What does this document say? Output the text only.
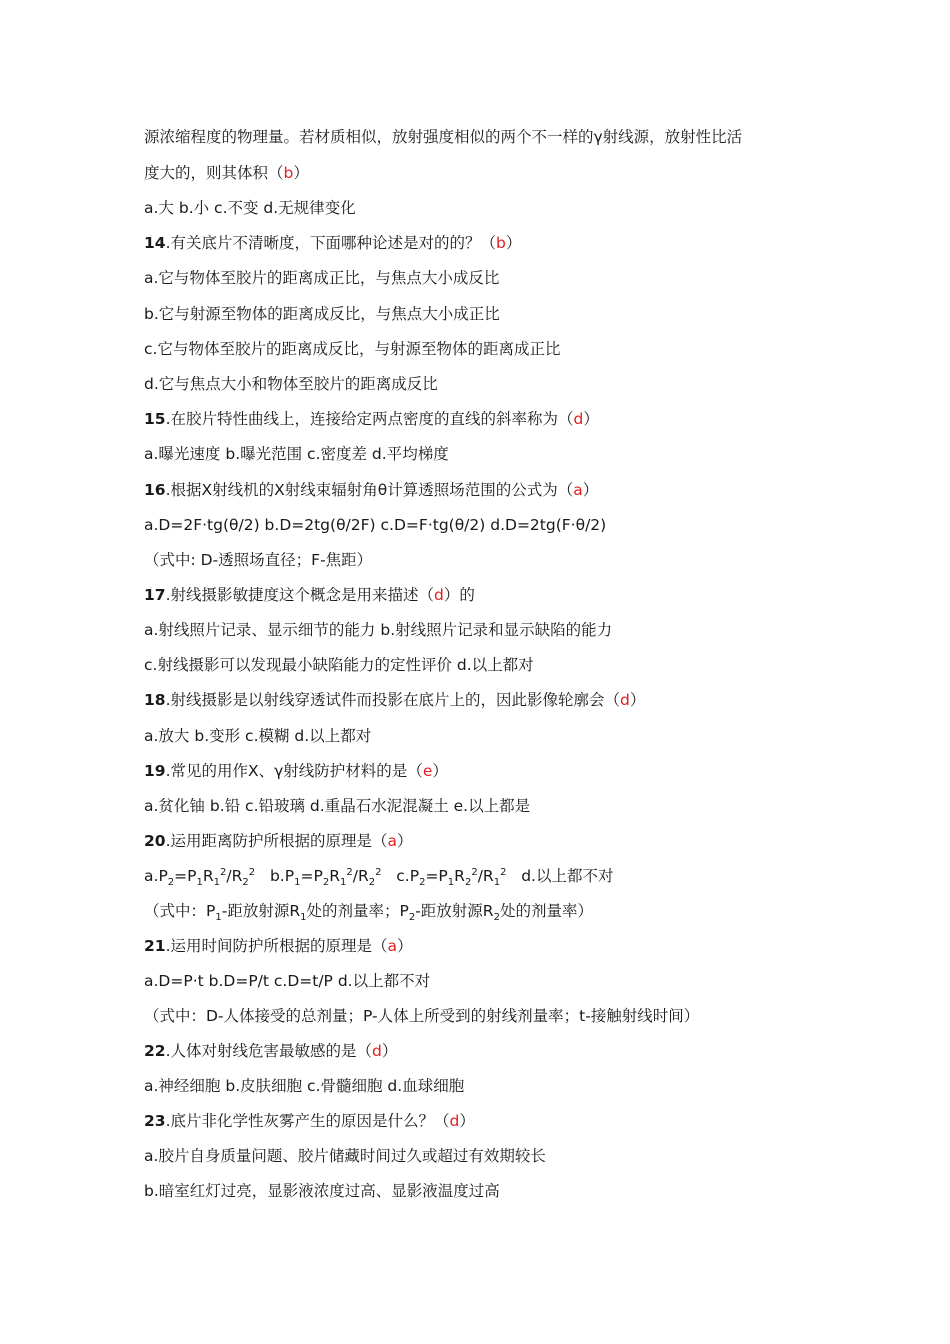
源浓缩程度的物理量。若材质相似，放射强度相似的两个不一样的γ射线源，放射性比活
度大的，则其体积（b）
a.大 b.小 c.不变 d.无规律变化
14.有关底片不清晰度，下面哪种论述是对的的？（b）
a.它与物体至胶片的距离成正比，与焦点大小成反比
b.它与射源至物体的距离成反比，与焦点大小成正比
c.它与物体至胶片的距离成反比，与射源至物体的距离成正比
d.它与焦点大小和物体至胶片的距离成反比
15.在胶片特性曲线上，连接给定两点密度的直线的斜率称为（d）
a.曝光速度 b.曝光范围 c.密度差 d.平均梯度
16.根据X射线机的X射线束辐射角θ计算透照场范围的公式为（a）
a.D=2F·tg(θ/2) b.D=2tg(θ/2F) c.D=F·tg(θ/2) d.D=2tg(F·θ/2)
（式中: D-透照场直径；F-焦距）
17.射线摄影敏捷度这个概念是用来描述（d）的
a.射线照片记录、显示细节的能力 b.射线照片记录和显示缺陷的能力
c.射线摄影可以发现最小缺陷能力的定性评价 d.以上都对
18.射线摄影是以射线穿透试件而投影在底片上的，因此影像轮廓会（d）
a.放大 b.变形 c.模糊 d.以上都对
19.常见的用作X、γ射线防护材料的是（e）
a.贫化铀 b.铅 c.铅玻璃 d.重晶石水泥混凝土 e.以上都是
20.运用距离防护所根据的原理是（a）
$a.P_2=P_1R_1^2/R_2^2$ $b.P_1=P_2R_1^2/R_2^2$ $c.P_2=P_1R_2^2/R_1^2$ d.以上都不对
（式中：$P_1-$距放射源$R_1$处的剂量率；$P_2-$距放射源$R_2$处的剂量率）
21.运用时间防护所根据的原理是（a）
a.D=P·t b.D=P/t c.D=t/P d.以上都不对
（式中：D-人体接受的总剂量；P-人体上所受到的射线剂量率；t-接触射线时间）
22.人体对射线危害最敏感的是（d）
a.神经细胞 b.皮肤细胞 c.骨髓细胞 d.血球细胞
23.底片非化学性灰雾产生的原因是什么？（d）
a.胶片自身质量问题、胶片储藏时间过久或超过有效期较长
b.暗室红灯过亮，显影液浓度过高、显影液温度过高
